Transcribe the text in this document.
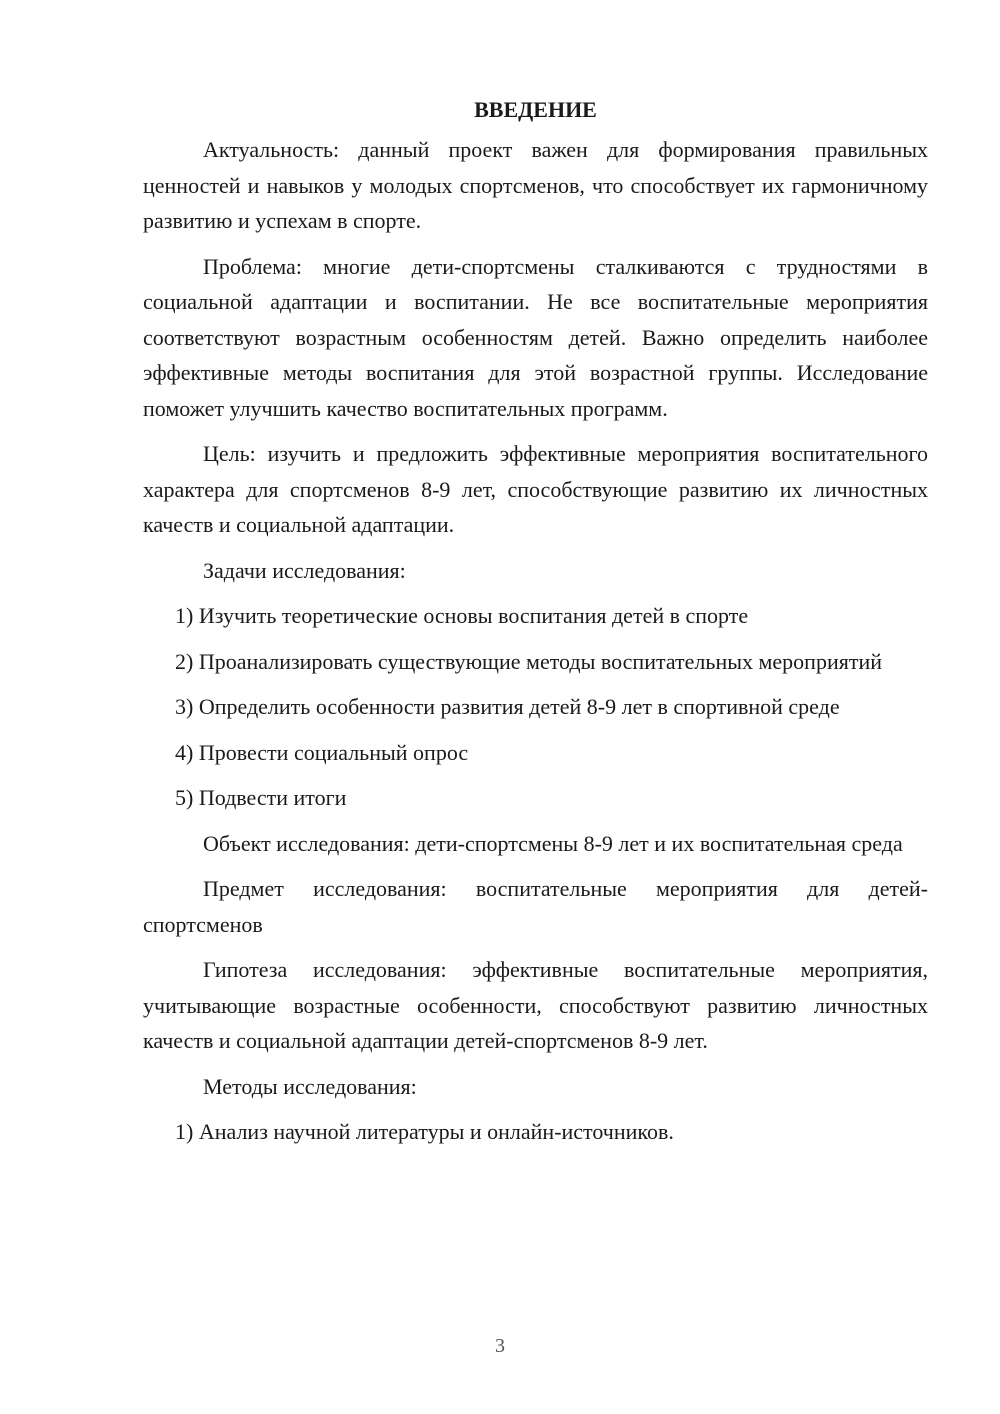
ВВЕДЕНИЕ

Актуальность: данный проект важен для формирования правильных ценностей и навыков у молодых спортсменов, что способствует их гармоничному развитию и успехам в спорте.

Проблема: многие дети-спортсмены сталкиваются с трудностями в социальной адаптации и воспитании. Не все воспитательные мероприятия соответствуют возрастным особенностям детей. Важно определить наиболее эффективные методы воспитания для этой возрастной группы. Исследование поможет улучшить качество воспитательных программ.

Цель: изучить и предложить эффективные мероприятия воспитательного характера для спортсменов 8-9 лет, способствующие развитию их личностных качеств и социальной адаптации.

Задачи исследования:

1) Изучить теоретические основы воспитания детей в спорте

2) Проанализировать существующие методы воспитательных мероприятий

3) Определить особенности развития детей 8-9 лет в спортивной среде

4) Провести социальный опрос

5) Подвести итоги

Объект исследования: дети-спортсмены 8-9 лет и их воспитательная среда

Предмет исследования: воспитательные мероприятия для детей-спортсменов

Гипотеза исследования: эффективные воспитательные мероприятия, учитывающие возрастные особенности, способствуют развитию личностных качеств и социальной адаптации детей-спортсменов 8-9 лет.

Методы исследования:

1) Анализ научной литературы и онлайн-источников.

3
